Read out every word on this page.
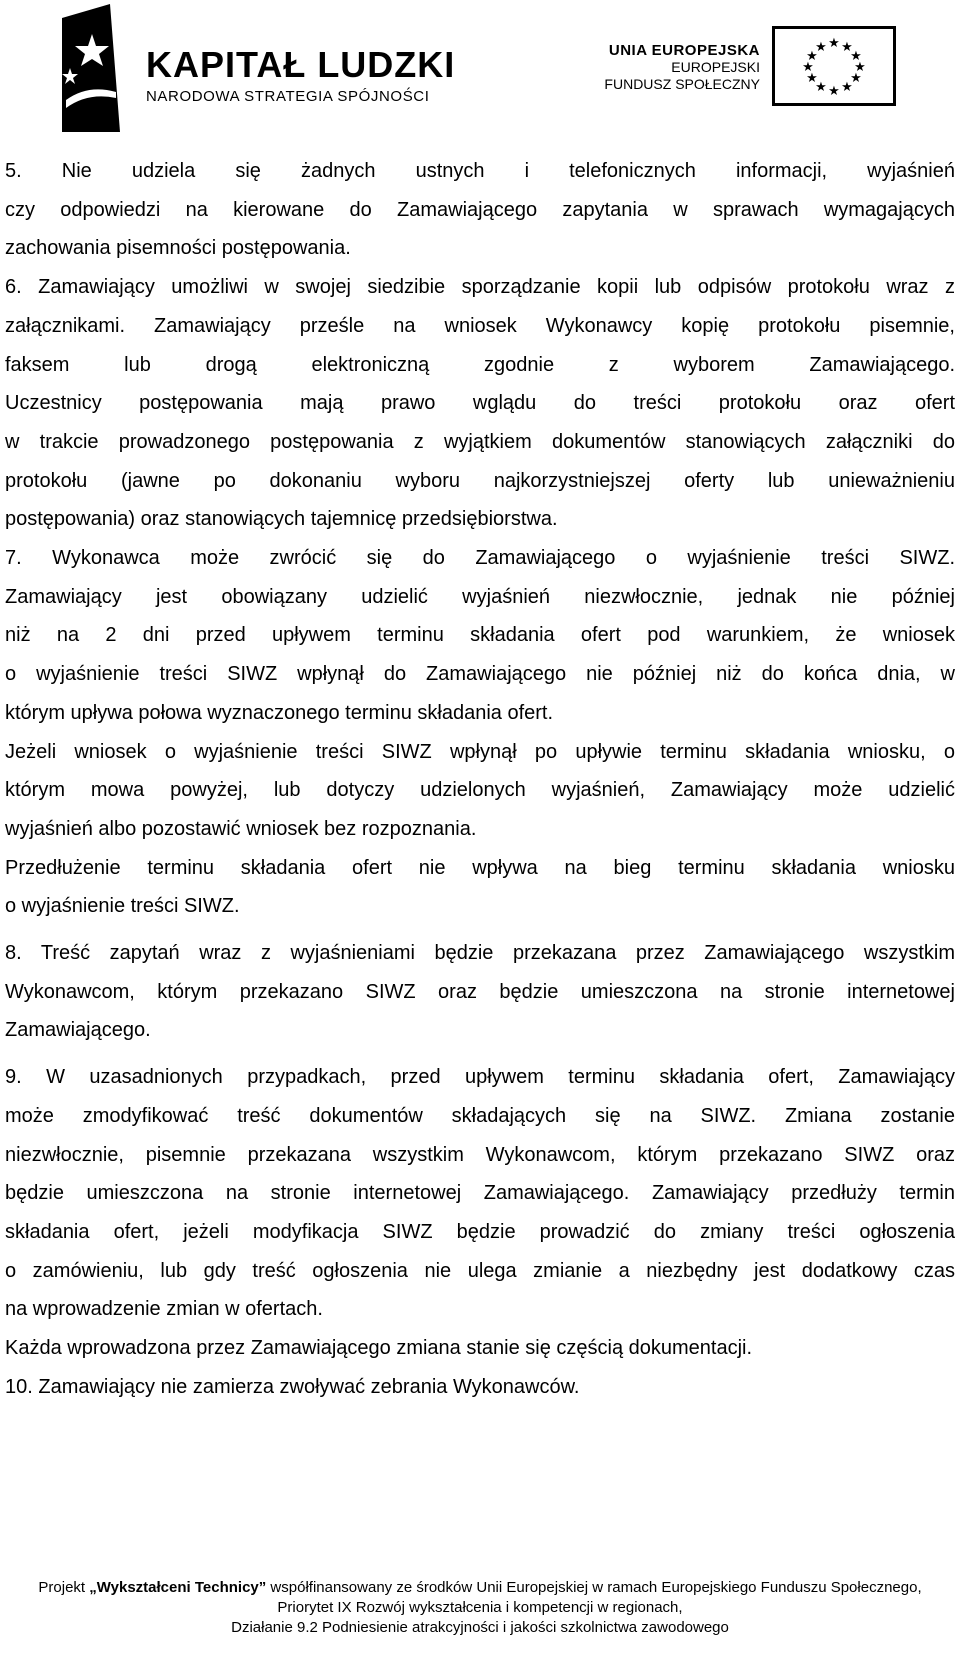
KAPITAŁ LUDZKI
NARODOWA STRATEGIA SPÓJNOŚCI
UNIA EUROPEJSKA
EUROPEJSKI
FUNDUSZ SPOŁECZNY
★ ★
★
★
★
★
★
★
★
★
★
★

5. Nie udziela się żadnych ustnych i telefonicznych informacji, wyjaśnień

czy odpowiedzi na kierowane do Zamawiającego zapytania w sprawach wymagających

zachowania pisemności postępowania.

6. Zamawiający umożliwi w swojej siedzibie sporządzanie kopii lub odpisów protokołu wraz z

załącznikami. Zamawiający prześle na wniosek Wykonawcy kopię protokołu pisemnie,

faksem lub drogą elektroniczną zgodnie z wyborem Zamawiającego.

Uczestnicy postępowania mają prawo wglądu do treści protokołu oraz ofert

w trakcie prowadzonego postępowania z wyjątkiem dokumentów stanowiących załączniki do

protokołu (jawne po dokonaniu wyboru najkorzystniejszej oferty lub unieważnieniu

postępowania) oraz stanowiących tajemnicę przedsiębiorstwa.

7. Wykonawca może zwrócić się do Zamawiającego o wyjaśnienie treści SIWZ.

Zamawiający jest obowiązany udzielić wyjaśnień niezwłocznie, jednak nie później

niż na 2 dni przed upływem terminu składania ofert pod warunkiem, że wniosek

o wyjaśnienie treści SIWZ wpłynął do Zamawiającego nie później niż do końca dnia, w

którym upływa połowa wyznaczonego terminu składania ofert.

Jeżeli wniosek o wyjaśnienie treści SIWZ wpłynął po upływie terminu składania wniosku, o

którym mowa powyżej, lub dotyczy udzielonych wyjaśnień, Zamawiający może udzielić

wyjaśnień albo pozostawić wniosek bez rozpoznania.

Przedłużenie terminu składania ofert nie wpływa na bieg terminu składania wniosku

o wyjaśnienie treści SIWZ.

8. Treść zapytań wraz z wyjaśnieniami będzie przekazana przez Zamawiającego wszystkim

Wykonawcom, którym przekazano SIWZ oraz będzie umieszczona na stronie internetowej

Zamawiającego.

9. W uzasadnionych przypadkach, przed upływem terminu składania ofert, Zamawiający

może zmodyfikować treść dokumentów składających się na SIWZ. Zmiana zostanie

niezwłocznie, pisemnie przekazana wszystkim Wykonawcom, którym przekazano SIWZ oraz

będzie umieszczona na stronie internetowej Zamawiającego. Zamawiający przedłuży termin

składania ofert, jeżeli modyfikacja SIWZ będzie prowadzić do zmiany treści ogłoszenia

o zamówieniu, lub gdy treść ogłoszenia nie ulega zmianie a niezbędny jest dodatkowy czas

na wprowadzenie zmian w ofertach.

Każda wprowadzona przez Zamawiającego zmiana stanie się częścią dokumentacji.

10. Zamawiający nie zamierza zwoływać zebrania Wykonawców.

Projekt „Wykształceni Technicy” współfinansowany ze środków Unii Europejskiej w ramach Europejskiego Funduszu Społecznego,
Priorytet IX Rozwój wykształcenia i kompetencji w regionach,
Działanie 9.2 Podniesienie atrakcyjności i jakości szkolnictwa zawodowego
